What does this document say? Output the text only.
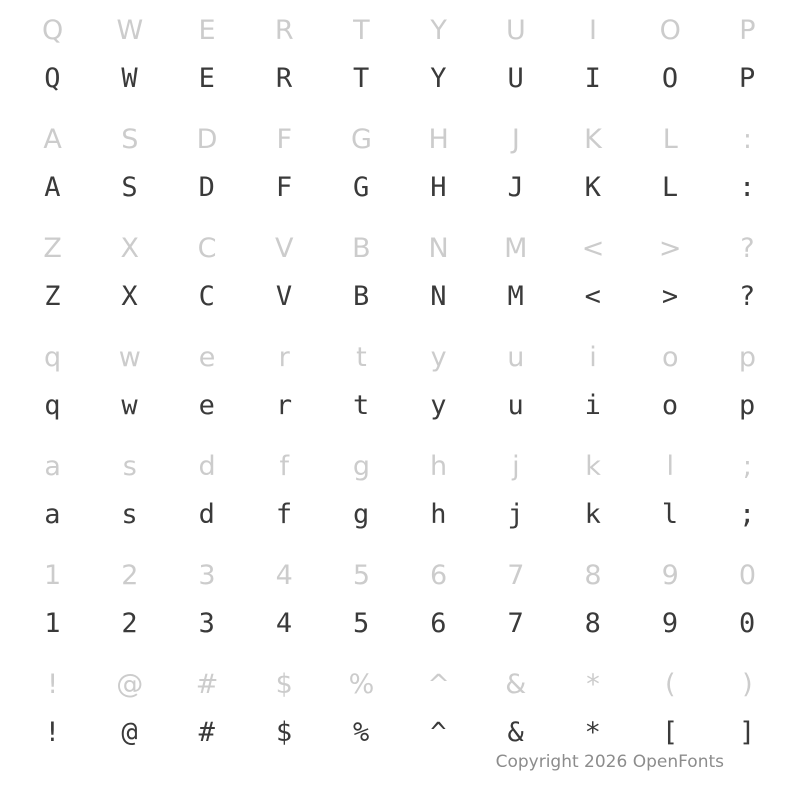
Q	W	E	R	T	Y	U	I	O	P
Q	W	E	R	T	Y	U	I	O	P
A	S	D	F	G	H	J	K	L	:
A	S	D	F	G	H	J	K	L	:
Z	X	C	V	B	N	M	<	>	?
Z	X	C	V	B	N	M	<	>	?
q	w	e	r	t	y	u	i	o	p
q	w	e	r	t	y	u	i	o	p
a	s	d	f	g	h	j	k	l	;
a	s	d	f	g	h	j	k	l	;
1	2	3	4	5	6	7	8	9	0
1	2	3	4	5	6	7	8	9	0
!	@	#	$	%	^	&	*	(	)
!	@	#	$	%	^	&	*	[	]
Copyright 2026 OpenFonts
